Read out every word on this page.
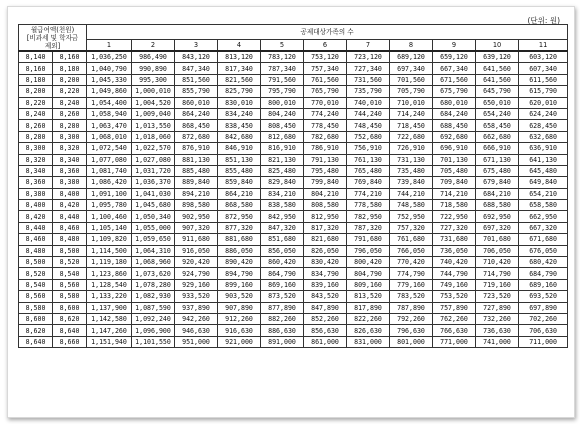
(단위: 원)
월급여액(천원)
[비과세 및 학자금
제외]		공제대상가족의 수										
		1	2	3	4	5	6	7	8	9	10	11
8,140	8,160	1,036,250	986,490	843,120	813,120	783,120	753,120	723,120	689,120	659,120	639,120	603,120
8,160	8,180	1,040,790	990,890	847,340	817,340	787,340	757,340	727,340	697,340	667,340	641,560	607,340
8,180	8,200	1,045,330	995,300	851,560	821,560	791,560	761,560	731,560	701,560	671,560	641,560	611,560
8,200	8,220	1,049,860	1,000,010	855,790	825,790	795,790	765,790	735,790	705,790	675,790	645,790	615,790
8,220	8,240	1,054,400	1,004,520	860,010	830,010	800,010	770,010	740,010	710,010	680,010	650,010	620,010
8,240	8,260	1,058,940	1,009,040	864,240	834,240	804,240	774,240	744,240	714,240	684,240	654,240	624,240
8,260	8,280	1,063,470	1,013,550	868,450	838,450	808,450	778,450	748,450	718,450	688,450	658,450	628,450
8,280	8,300	1,068,010	1,018,060	872,680	842,680	812,680	782,680	752,680	722,680	692,680	662,680	632,680
8,300	8,320	1,072,540	1,022,570	876,910	846,910	816,910	786,910	756,910	726,910	696,910	666,910	636,910
8,320	8,340	1,077,080	1,027,080	881,130	851,130	821,130	791,130	761,130	731,130	701,130	671,130	641,130
8,340	8,360	1,081,740	1,031,720	885,480	855,480	825,480	795,480	765,480	735,480	705,480	675,480	645,480
8,360	8,380	1,086,420	1,036,370	889,840	859,840	829,840	799,840	769,840	739,840	709,840	679,840	649,840
8,380	8,400	1,091,100	1,041,030	894,210	864,210	834,210	804,210	774,210	744,210	714,210	684,210	654,210
8,400	8,420	1,095,780	1,045,680	898,580	868,580	838,580	808,580	778,580	748,580	718,580	688,580	658,580
8,420	8,440	1,100,460	1,050,340	902,950	872,950	842,950	812,950	782,950	752,950	722,950	692,950	662,950
8,440	8,460	1,105,140	1,055,000	907,320	877,320	847,320	817,320	787,320	757,320	727,320	697,320	667,320
8,460	8,480	1,109,820	1,059,650	911,680	881,680	851,680	821,680	791,680	761,680	731,680	701,680	671,680
8,480	8,500	1,114,500	1,064,310	916,050	886,050	856,050	826,050	796,050	766,050	736,050	706,050	676,050
8,500	8,520	1,119,180	1,068,960	920,420	890,420	860,420	830,420	800,420	770,420	740,420	710,420	680,420
8,520	8,540	1,123,860	1,073,620	924,790	894,790	864,790	834,790	804,790	774,790	744,790	714,790	684,790
8,540	8,560	1,128,540	1,078,280	929,160	899,160	869,160	839,160	809,160	779,160	749,160	719,160	689,160
8,560	8,580	1,133,220	1,082,930	933,520	903,520	873,520	843,520	813,520	783,520	753,520	723,520	693,520
8,580	8,600	1,137,900	1,087,590	937,890	907,890	877,890	847,890	817,890	787,890	757,890	727,890	697,890
8,600	8,620	1,142,580	1,092,240	942,260	912,260	882,260	852,260	822,260	792,260	762,260	732,260	702,260
8,620	8,640	1,147,260	1,096,900	946,630	916,630	886,630	856,630	826,630	796,630	766,630	736,630	706,630
8,640	8,660	1,151,940	1,101,550	951,000	921,000	891,000	861,000	831,000	801,000	771,000	741,000	711,000
